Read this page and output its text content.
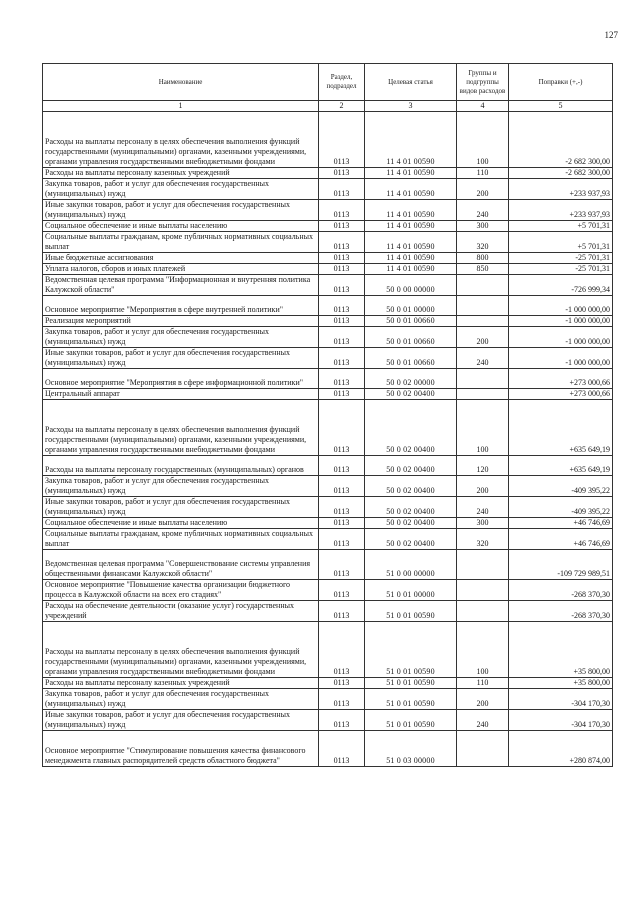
127
Наименование	Раздел, подраздел	Целевая статья	Группы и подгруппы видов расходов	Поправки (+,-)
1	2	3	4	5
Расходы на выплаты персоналу в целях обеспечения выполнения функций государственными (муниципальными) органами, казенными учреждениями, органами управления государственными внебюджетными фондами	0113	11 4 01 00590	100	-2 682 300,00
Расходы на выплаты персоналу казенных учреждений	0113	11 4 01 00590	110	-2 682 300,00
Закупка товаров, работ и услуг для обеспечения государственных (муниципальных) нужд	0113	11 4 01 00590	200	+233 937,93
Иные закупки товаров, работ и услуг для обеспечения государственных (муниципальных) нужд	0113	11 4 01 00590	240	+233 937,93
Социальное обеспечение и иные выплаты населению	0113	11 4 01 00590	300	+5 701,31
Социальные выплаты гражданам, кроме публичных нормативных социальных выплат	0113	11 4 01 00590	320	+5 701,31
Иные бюджетные ассигнования	0113	11 4 01 00590	800	-25 701,31
Уплата налогов, сборов и иных платежей	0113	11 4 01 00590	850	-25 701,31
Ведомственная целевая программа "Информационная и внутренняя политика Калужской области"	0113	50 0 00 00000		-726 999,34
Основное мероприятие "Мероприятия в сфере внутренней политики"	0113	50 0 01 00000		-1 000 000,00
Реализация мероприятий	0113	50 0 01 00660		-1 000 000,00
Закупка товаров, работ и услуг для обеспечения государственных (муниципальных) нужд	0113	50 0 01 00660	200	-1 000 000,00
Иные закупки товаров, работ и услуг для обеспечения государственных (муниципальных) нужд	0113	50 0 01 00660	240	-1 000 000,00
Основное мероприятие "Мероприятия в сфере информационной политики"	0113	50 0 02 00000		+273 000,66
Центральный аппарат	0113	50 0 02 00400		+273 000,66
Расходы на выплаты персоналу в целях обеспечения выполнения функций государственными (муниципальными) органами, казенными учреждениями, органами управления государственными внебюджетными фондами	0113	50 0 02 00400	100	+635 649,19
Расходы на выплаты персоналу государственных (муниципальных) органов	0113	50 0 02 00400	120	+635 649,19
Закупка товаров, работ и услуг для обеспечения государственных (муниципальных) нужд	0113	50 0 02 00400	200	-409 395,22
Иные закупки товаров, работ и услуг для обеспечения государственных (муниципальных) нужд	0113	50 0 02 00400	240	-409 395,22
Социальное обеспечение и иные выплаты населению	0113	50 0 02 00400	300	+46 746,69
Социальные выплаты гражданам, кроме публичных нормативных социальных выплат	0113	50 0 02 00400	320	+46 746,69
Ведомственная целевая программа "Совершенствование системы управления общественными финансами Калужской области"	0113	51 0 00 00000		-109 729 989,51
Основное мероприятие "Повышение качества организации бюджетного процесса в Калужской области на всех его стадиях"	0113	51 0 01 00000		-268 370,30
Расходы на обеспечение деятельности (оказание услуг) государственных учреждений	0113	51 0 01 00590		-268 370,30
Расходы на выплаты персоналу в целях обеспечения выполнения функций государственными (муниципальными) органами, казенными учреждениями, органами управления государственными внебюджетными фондами	0113	51 0 01 00590	100	+35 800,00
Расходы на выплаты персоналу казенных учреждений	0113	51 0 01 00590	110	+35 800,00
Закупка товаров, работ и услуг для обеспечения государственных (муниципальных) нужд	0113	51 0 01 00590	200	-304 170,30
Иные закупки товаров, работ и услуг для обеспечения государственных (муниципальных) нужд	0113	51 0 01 00590	240	-304 170,30
Основное мероприятие "Стимулирование повышения качества финансового менеджмента главных распорядителей средств областного бюджета"	0113	51 0 03 00000		+280 874,00
